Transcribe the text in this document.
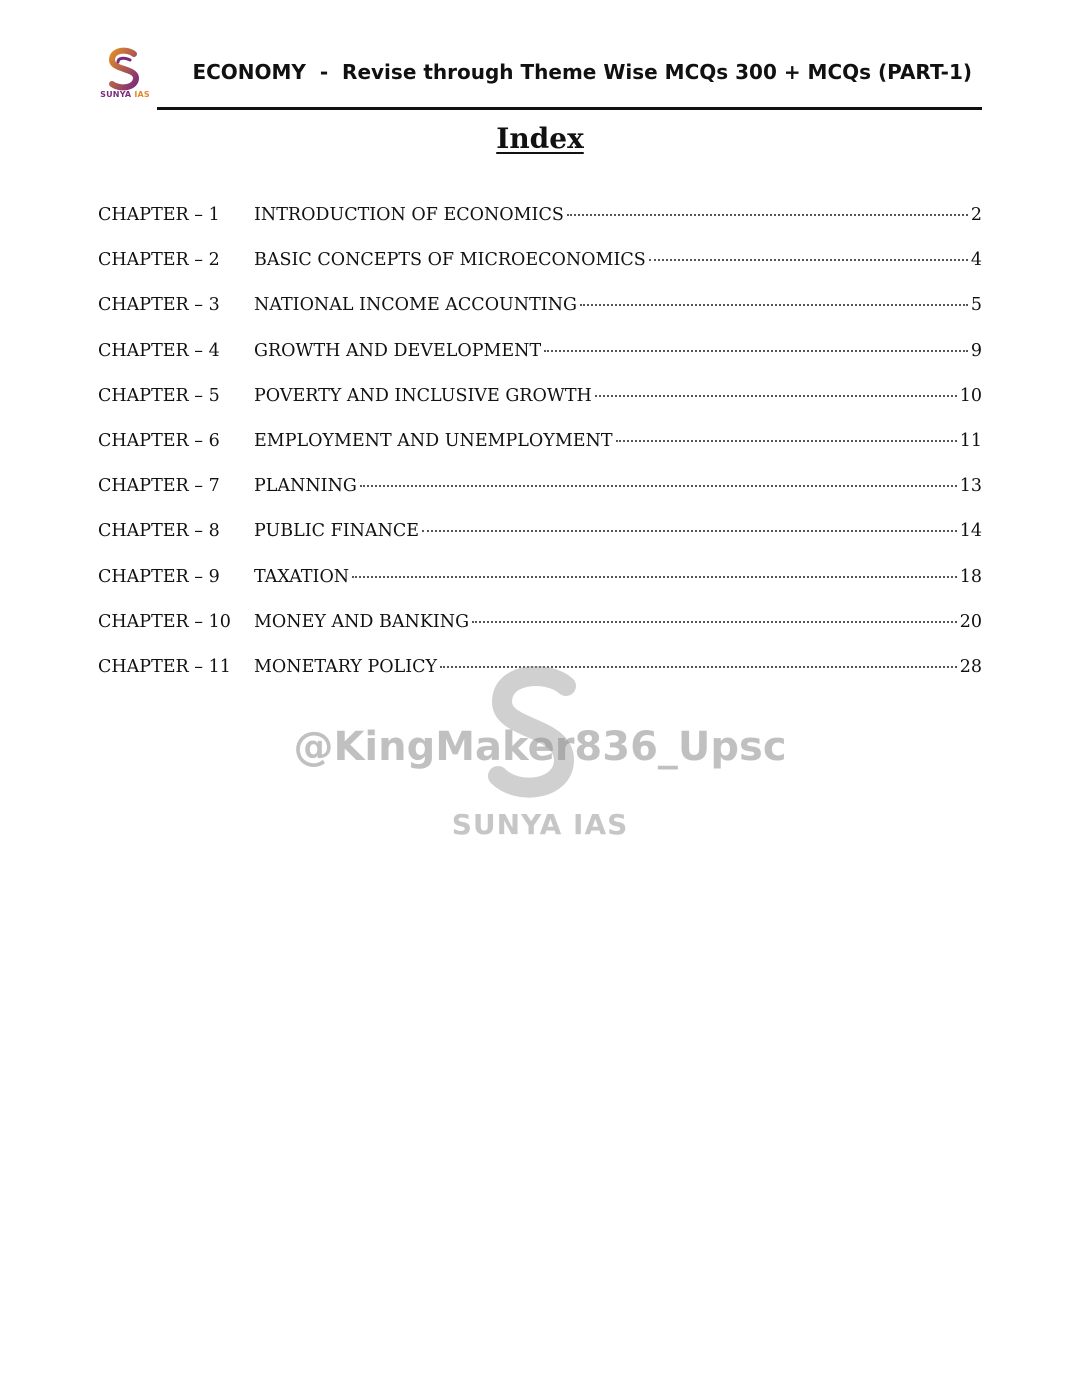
SUNYA IAS
ECONOMY  -  Revise through Theme Wise MCQs 300 + MCQs (PART-1)
Index
CHAPTER – 1	INTRODUCTION OF ECONOMICS	2
CHAPTER – 2	BASIC CONCEPTS OF MICROECONOMICS	4
CHAPTER – 3	NATIONAL INCOME ACCOUNTING	5
CHAPTER – 4	GROWTH AND DEVELOPMENT	9
CHAPTER – 5	POVERTY AND INCLUSIVE GROWTH	10
CHAPTER – 6	EMPLOYMENT AND UNEMPLOYMENT	11
CHAPTER – 7	PLANNING	13
CHAPTER – 8	PUBLIC FINANCE	14
CHAPTER – 9	TAXATION	18
CHAPTER – 10	MONEY AND BANKING	20
CHAPTER – 11	MONETARY POLICY	28
@KingMaker836_Upsc
SUNYA IAS
